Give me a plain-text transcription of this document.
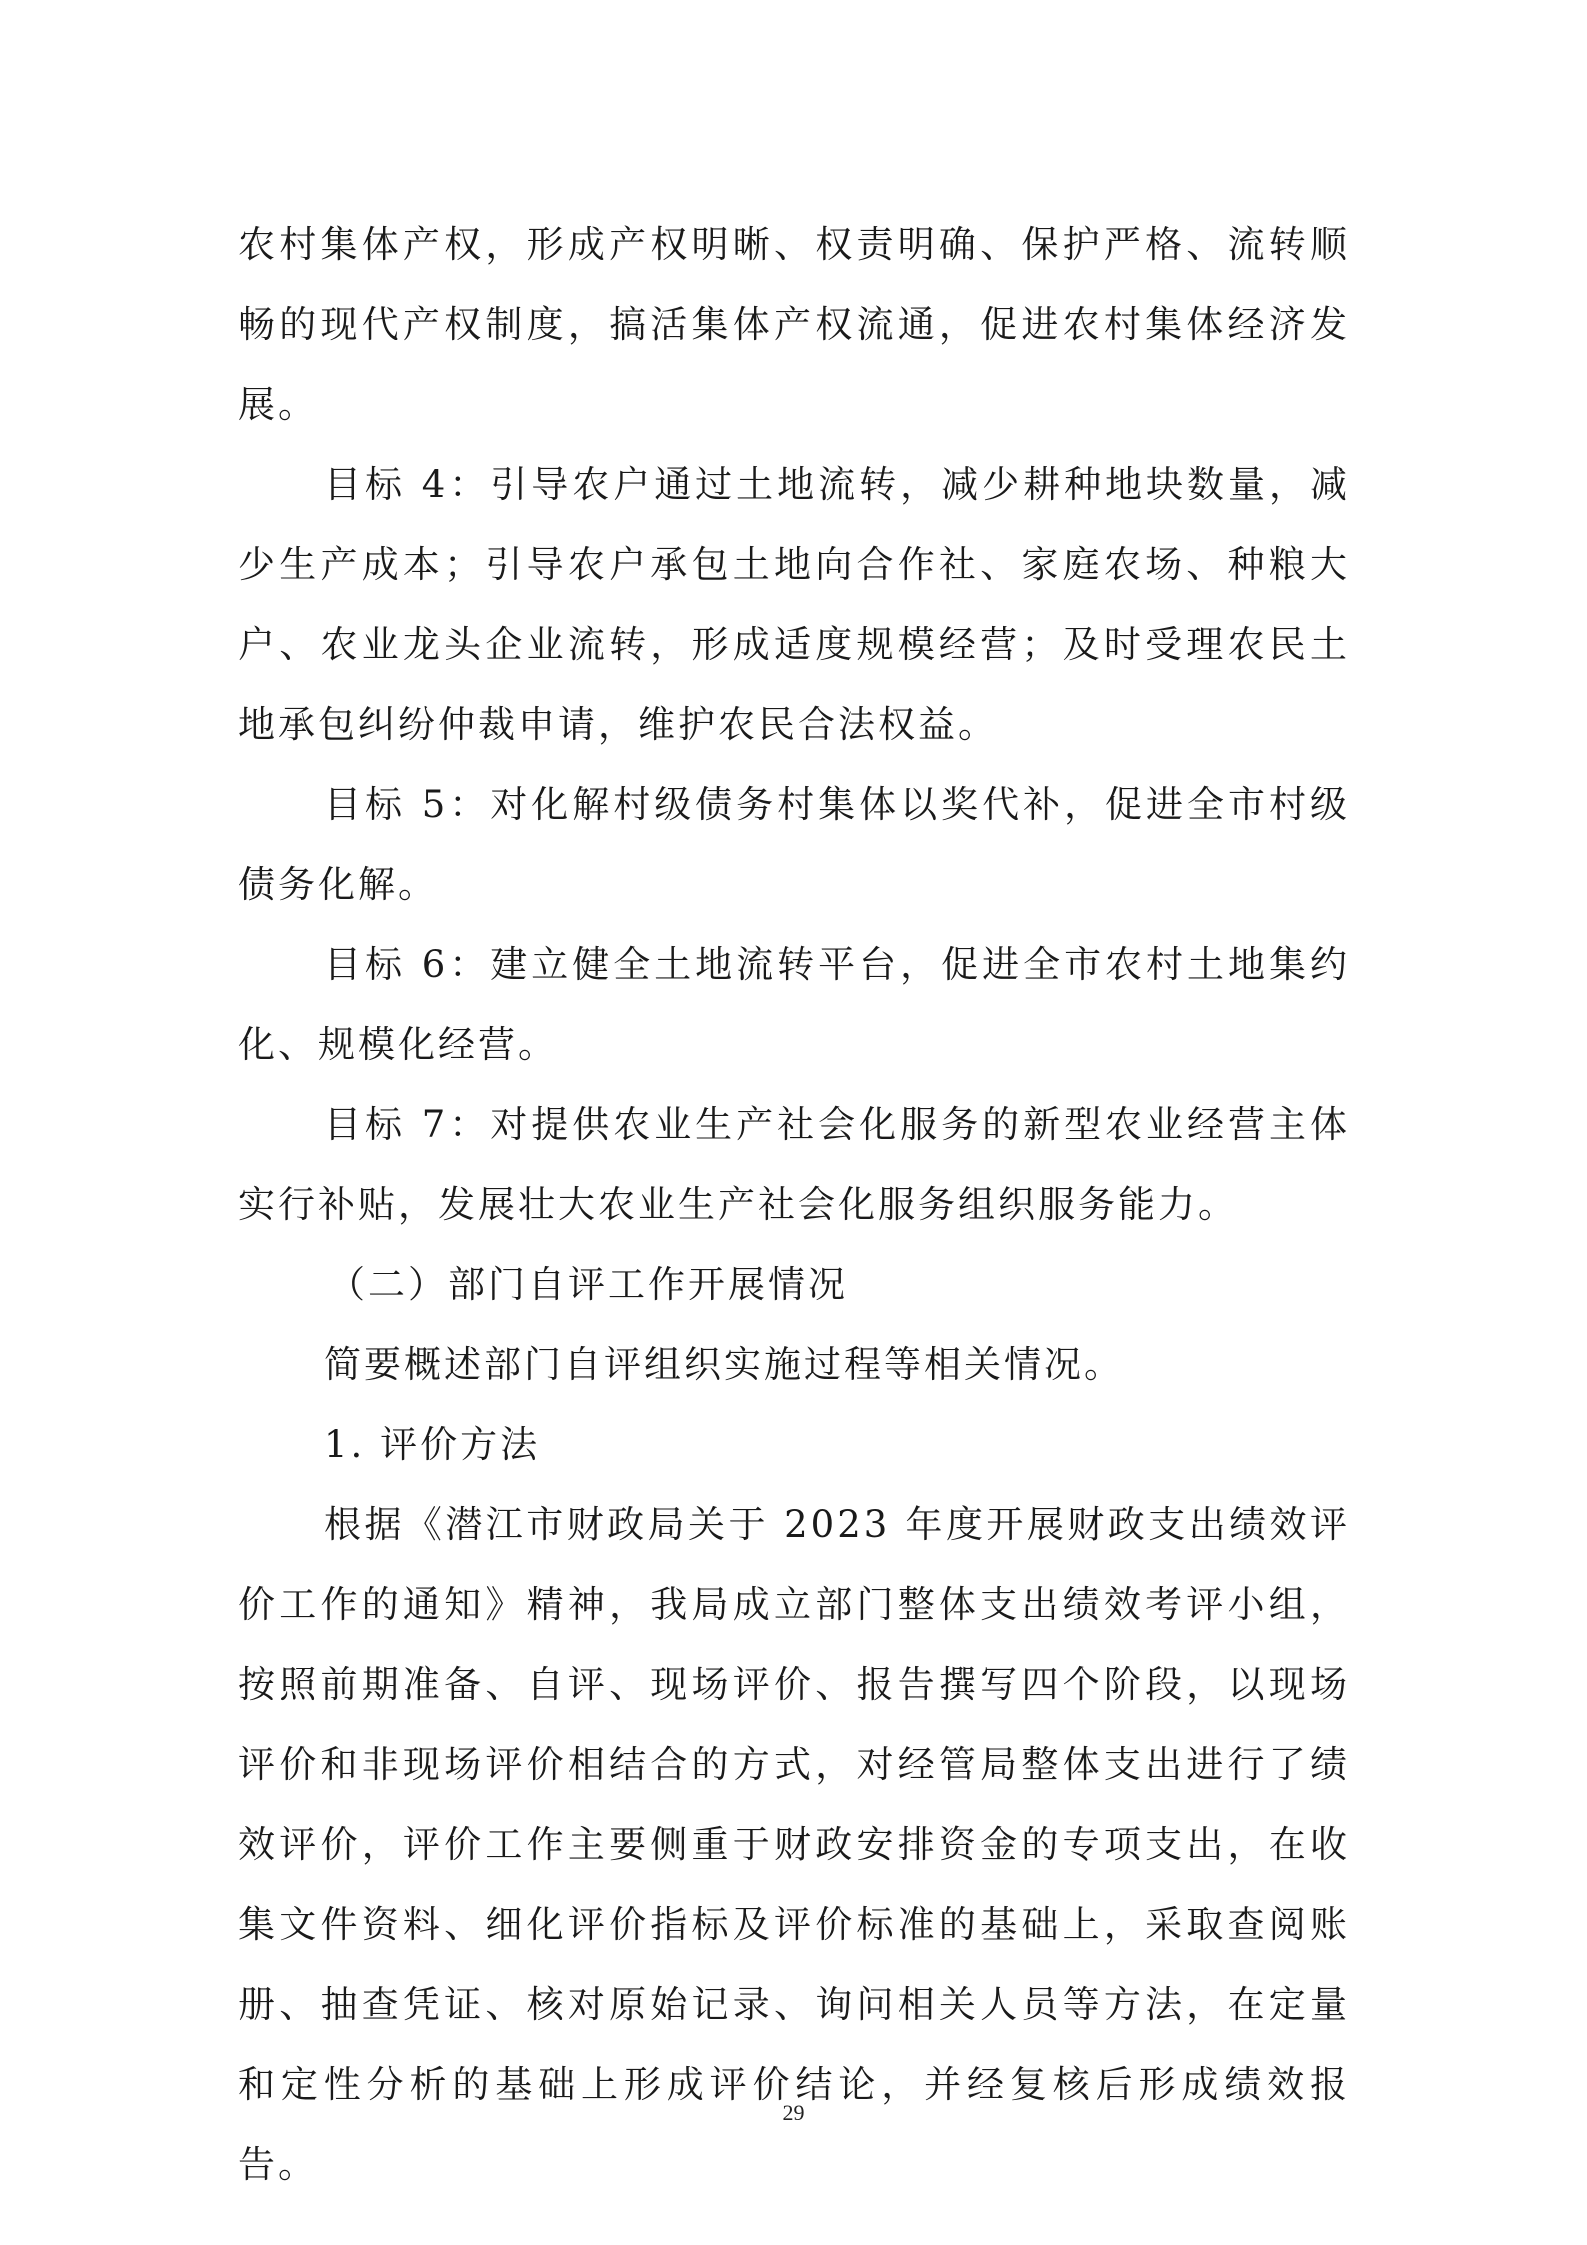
农村集体产权，形成产权明晰、权责明确、保护严格、流转顺畅的现代产权制度，搞活集体产权流通，促进农村集体经济发展。

目标 4：引导农户通过土地流转，减少耕种地块数量，减少生产成本；引导农户承包土地向合作社、家庭农场、种粮大户、农业龙头企业流转，形成适度规模经营；及时受理农民土地承包纠纷仲裁申请，维护农民合法权益。

目标 5：对化解村级债务村集体以奖代补，促进全市村级债务化解。

目标 6：建立健全土地流转平台，促进全市农村土地集约化、规模化经营。

目标 7：对提供农业生产社会化服务的新型农业经营主体实行补贴，发展壮大农业生产社会化服务组织服务能力。

（二）部门自评工作开展情况

简要概述部门自评组织实施过程等相关情况。

1. 评价方法

根据《潜江市财政局关于 2023 年度开展财政支出绩效评价工作的通知》精神，我局成立部门整体支出绩效考评小组，按照前期准备、自评、现场评价、报告撰写四个阶段，以现场评价和非现场评价相结合的方式，对经管局整体支出进行了绩效评价，评价工作主要侧重于财政安排资金的专项支出，在收集文件资料、细化评价指标及评价标准的基础上，采取查阅账册、抽查凭证、核对原始记录、询问相关人员等方法，在定量和定性分析的基础上形成评价结论，并经复核后形成绩效报告。

29
